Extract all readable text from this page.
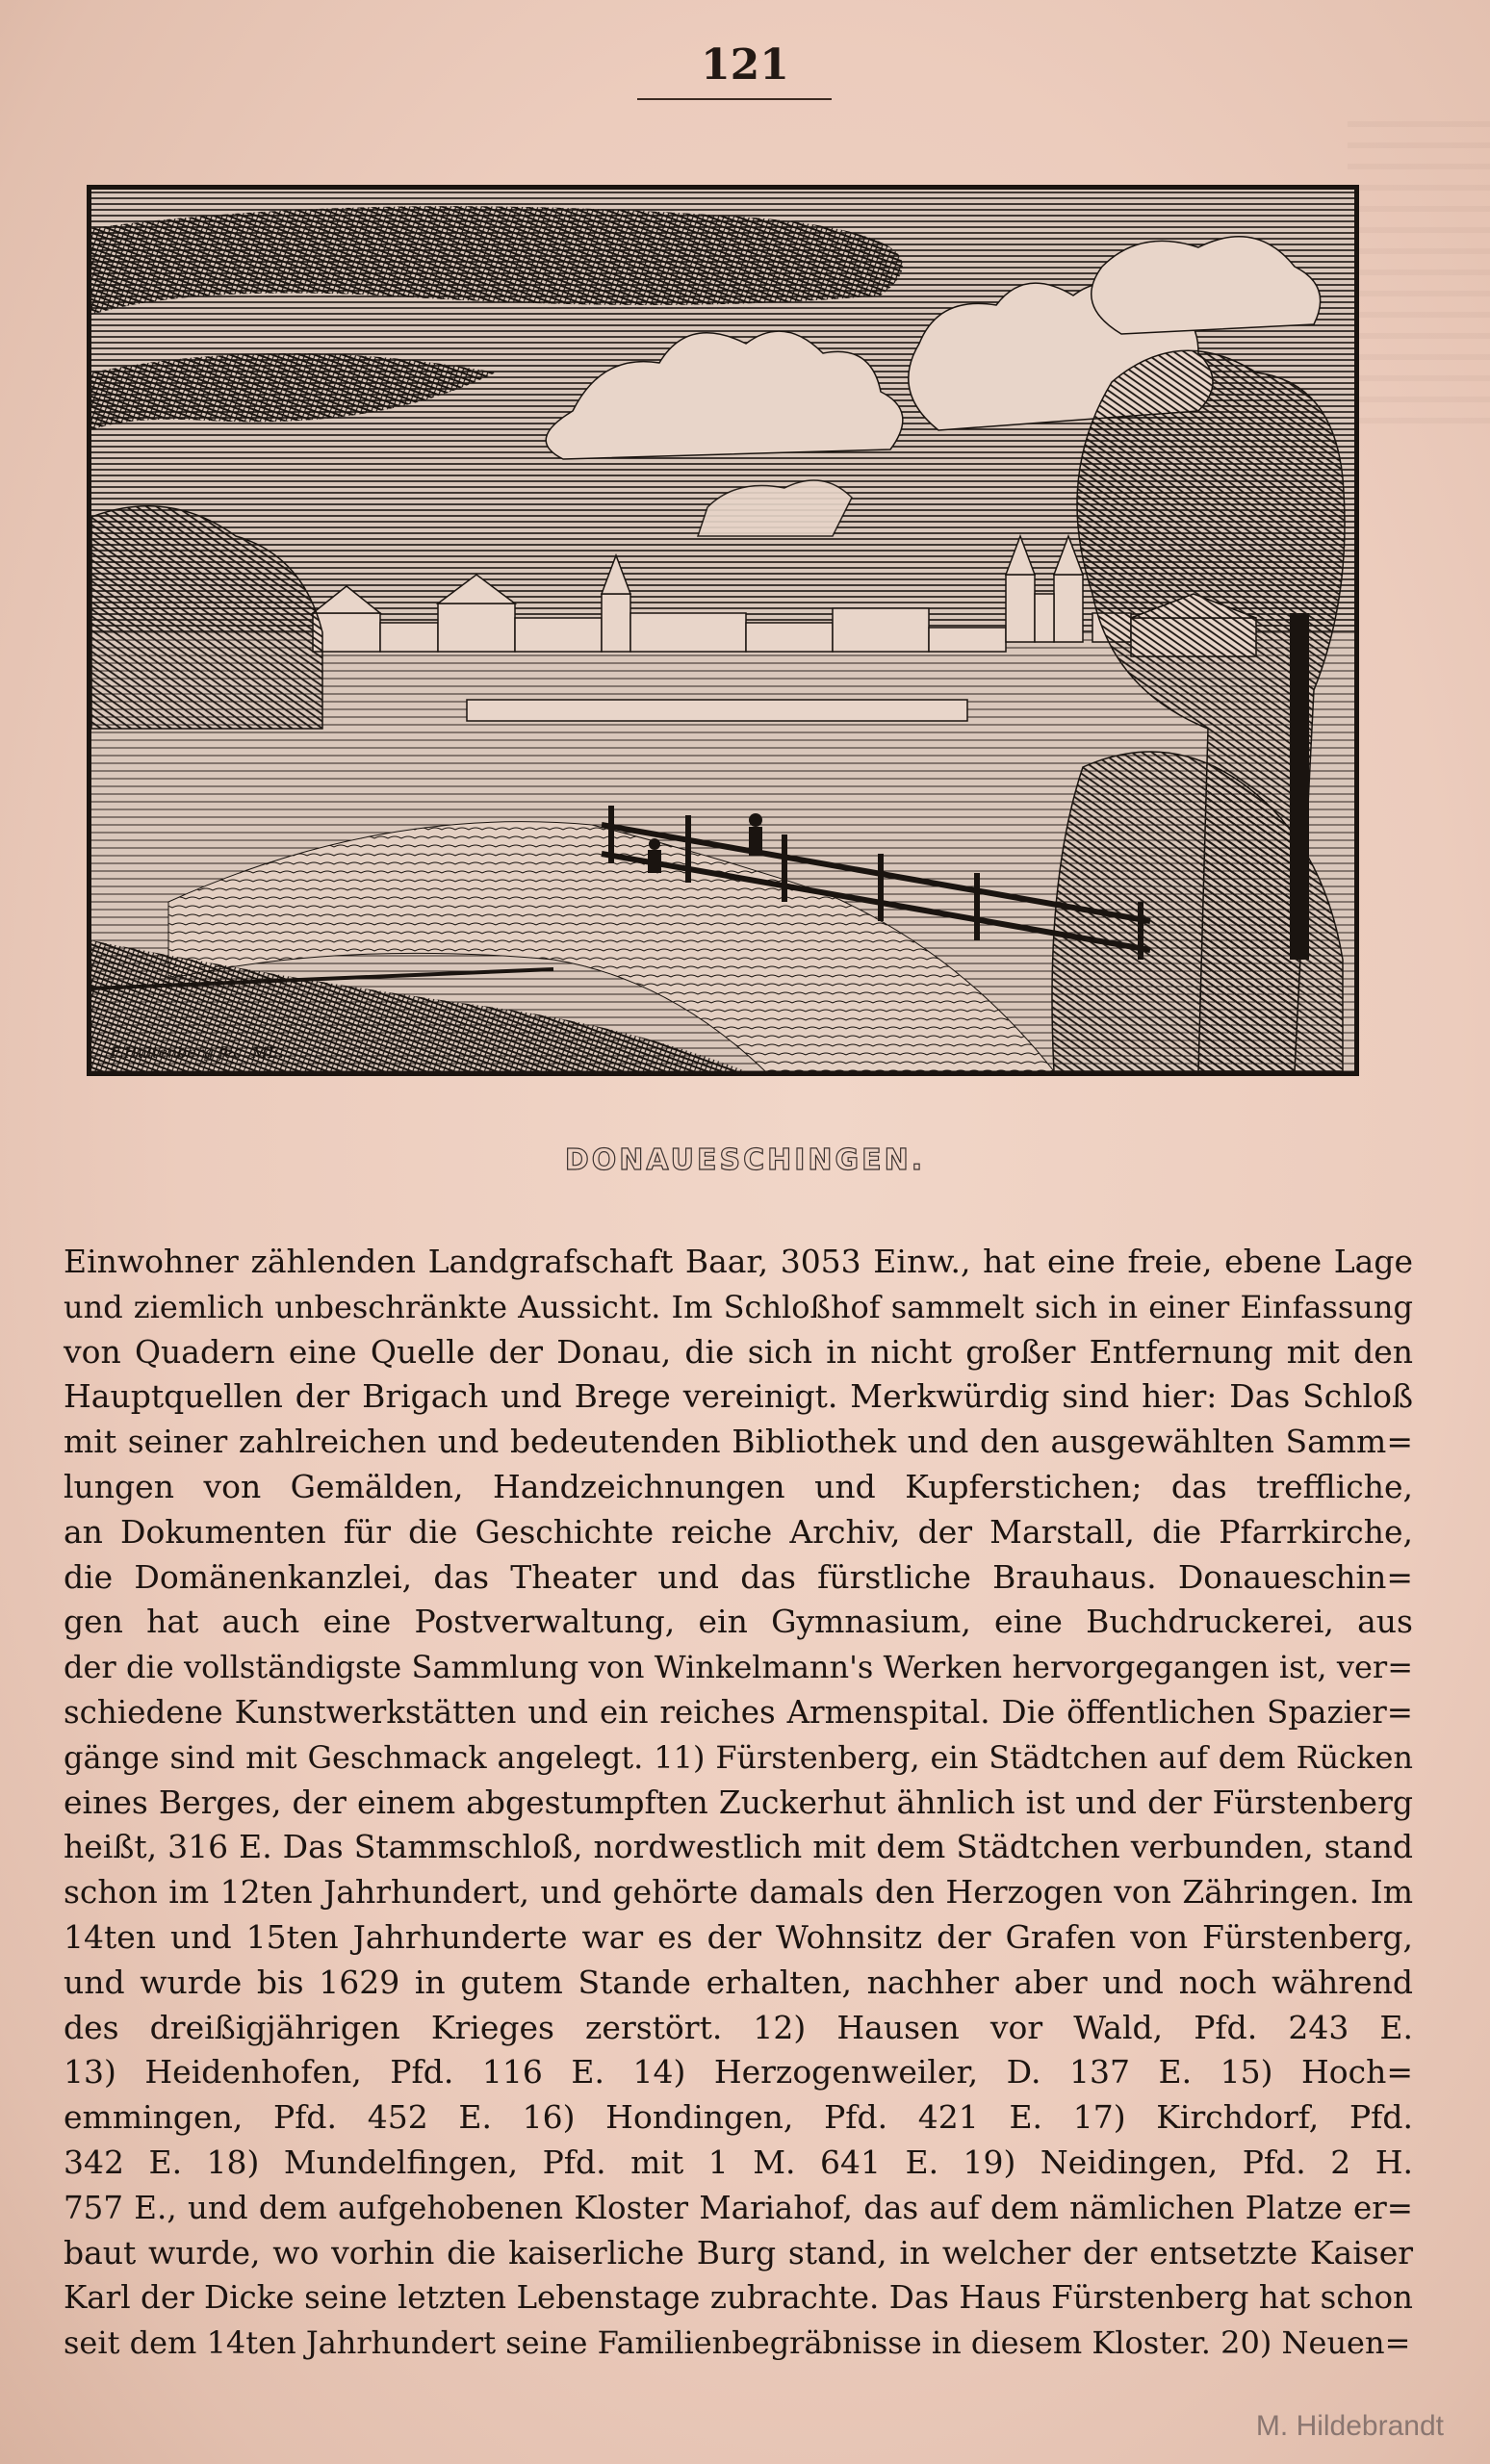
121
F.Hultenberg fec. ME.
DONAUESCHINGEN.
Einwohner zählenden Landgrafschaft Baar, 3053 Einw., hat eine freie, ebene Lage
und ziemlich unbeschränkte Aussicht. Im Schloßhof sammelt sich in einer Einfassung
von Quadern eine Quelle der Donau, die sich in nicht großer Entfernung mit den
Hauptquellen der Brigach und Brege vereinigt. Merkwürdig sind hier: Das Schloß
mit seiner zahlreichen und bedeutenden Bibliothek und den ausgewählten Samm=
lungen von Gemälden, Handzeichnungen und Kupferstichen; das treffliche,
an Dokumenten für die Geschichte reiche Archiv, der Marstall, die Pfarrkirche,
die Domänenkanzlei, das Theater und das fürstliche Brauhaus. Donaueschin=
gen hat auch eine Postverwaltung, ein Gymnasium, eine Buchdruckerei, aus
der die vollständigste Sammlung von Winkelmann's Werken hervorgegangen ist, ver=
schiedene Kunstwerkstätten und ein reiches Armenspital. Die öffentlichen Spazier=
gänge sind mit Geschmack angelegt. 11) Fürstenberg, ein Städtchen auf dem Rücken
eines Berges, der einem abgestumpften Zuckerhut ähnlich ist und der Fürstenberg
heißt, 316 E. Das Stammschloß, nordwestlich mit dem Städtchen verbunden, stand
schon im 12ten Jahrhundert, und gehörte damals den Herzogen von Zähringen. Im
14ten und 15ten Jahrhunderte war es der Wohnsitz der Grafen von Fürstenberg,
und wurde bis 1629 in gutem Stande erhalten, nachher aber und noch während
des dreißigjährigen Krieges zerstört. 12) Hausen vor Wald, Pfd. 243 E.
13) Heidenhofen, Pfd. 116 E. 14) Herzogenweiler, D. 137 E. 15) Hoch=
emmingen, Pfd. 452 E. 16) Hondingen, Pfd. 421 E. 17) Kirchdorf, Pfd.
342 E. 18) Mundelfingen, Pfd. mit 1 M. 641 E. 19) Neidingen, Pfd. 2 H.
757 E., und dem aufgehobenen Kloster Mariahof, das auf dem nämlichen Platze er=
baut wurde, wo vorhin die kaiserliche Burg stand, in welcher der entsetzte Kaiser
Karl der Dicke seine letzten Lebenstage zubrachte. Das Haus Fürstenberg hat schon
seit dem 14ten Jahrhundert seine Familienbegräbnisse in diesem Kloster. 20) Neuen=
M. Hildebrandt
